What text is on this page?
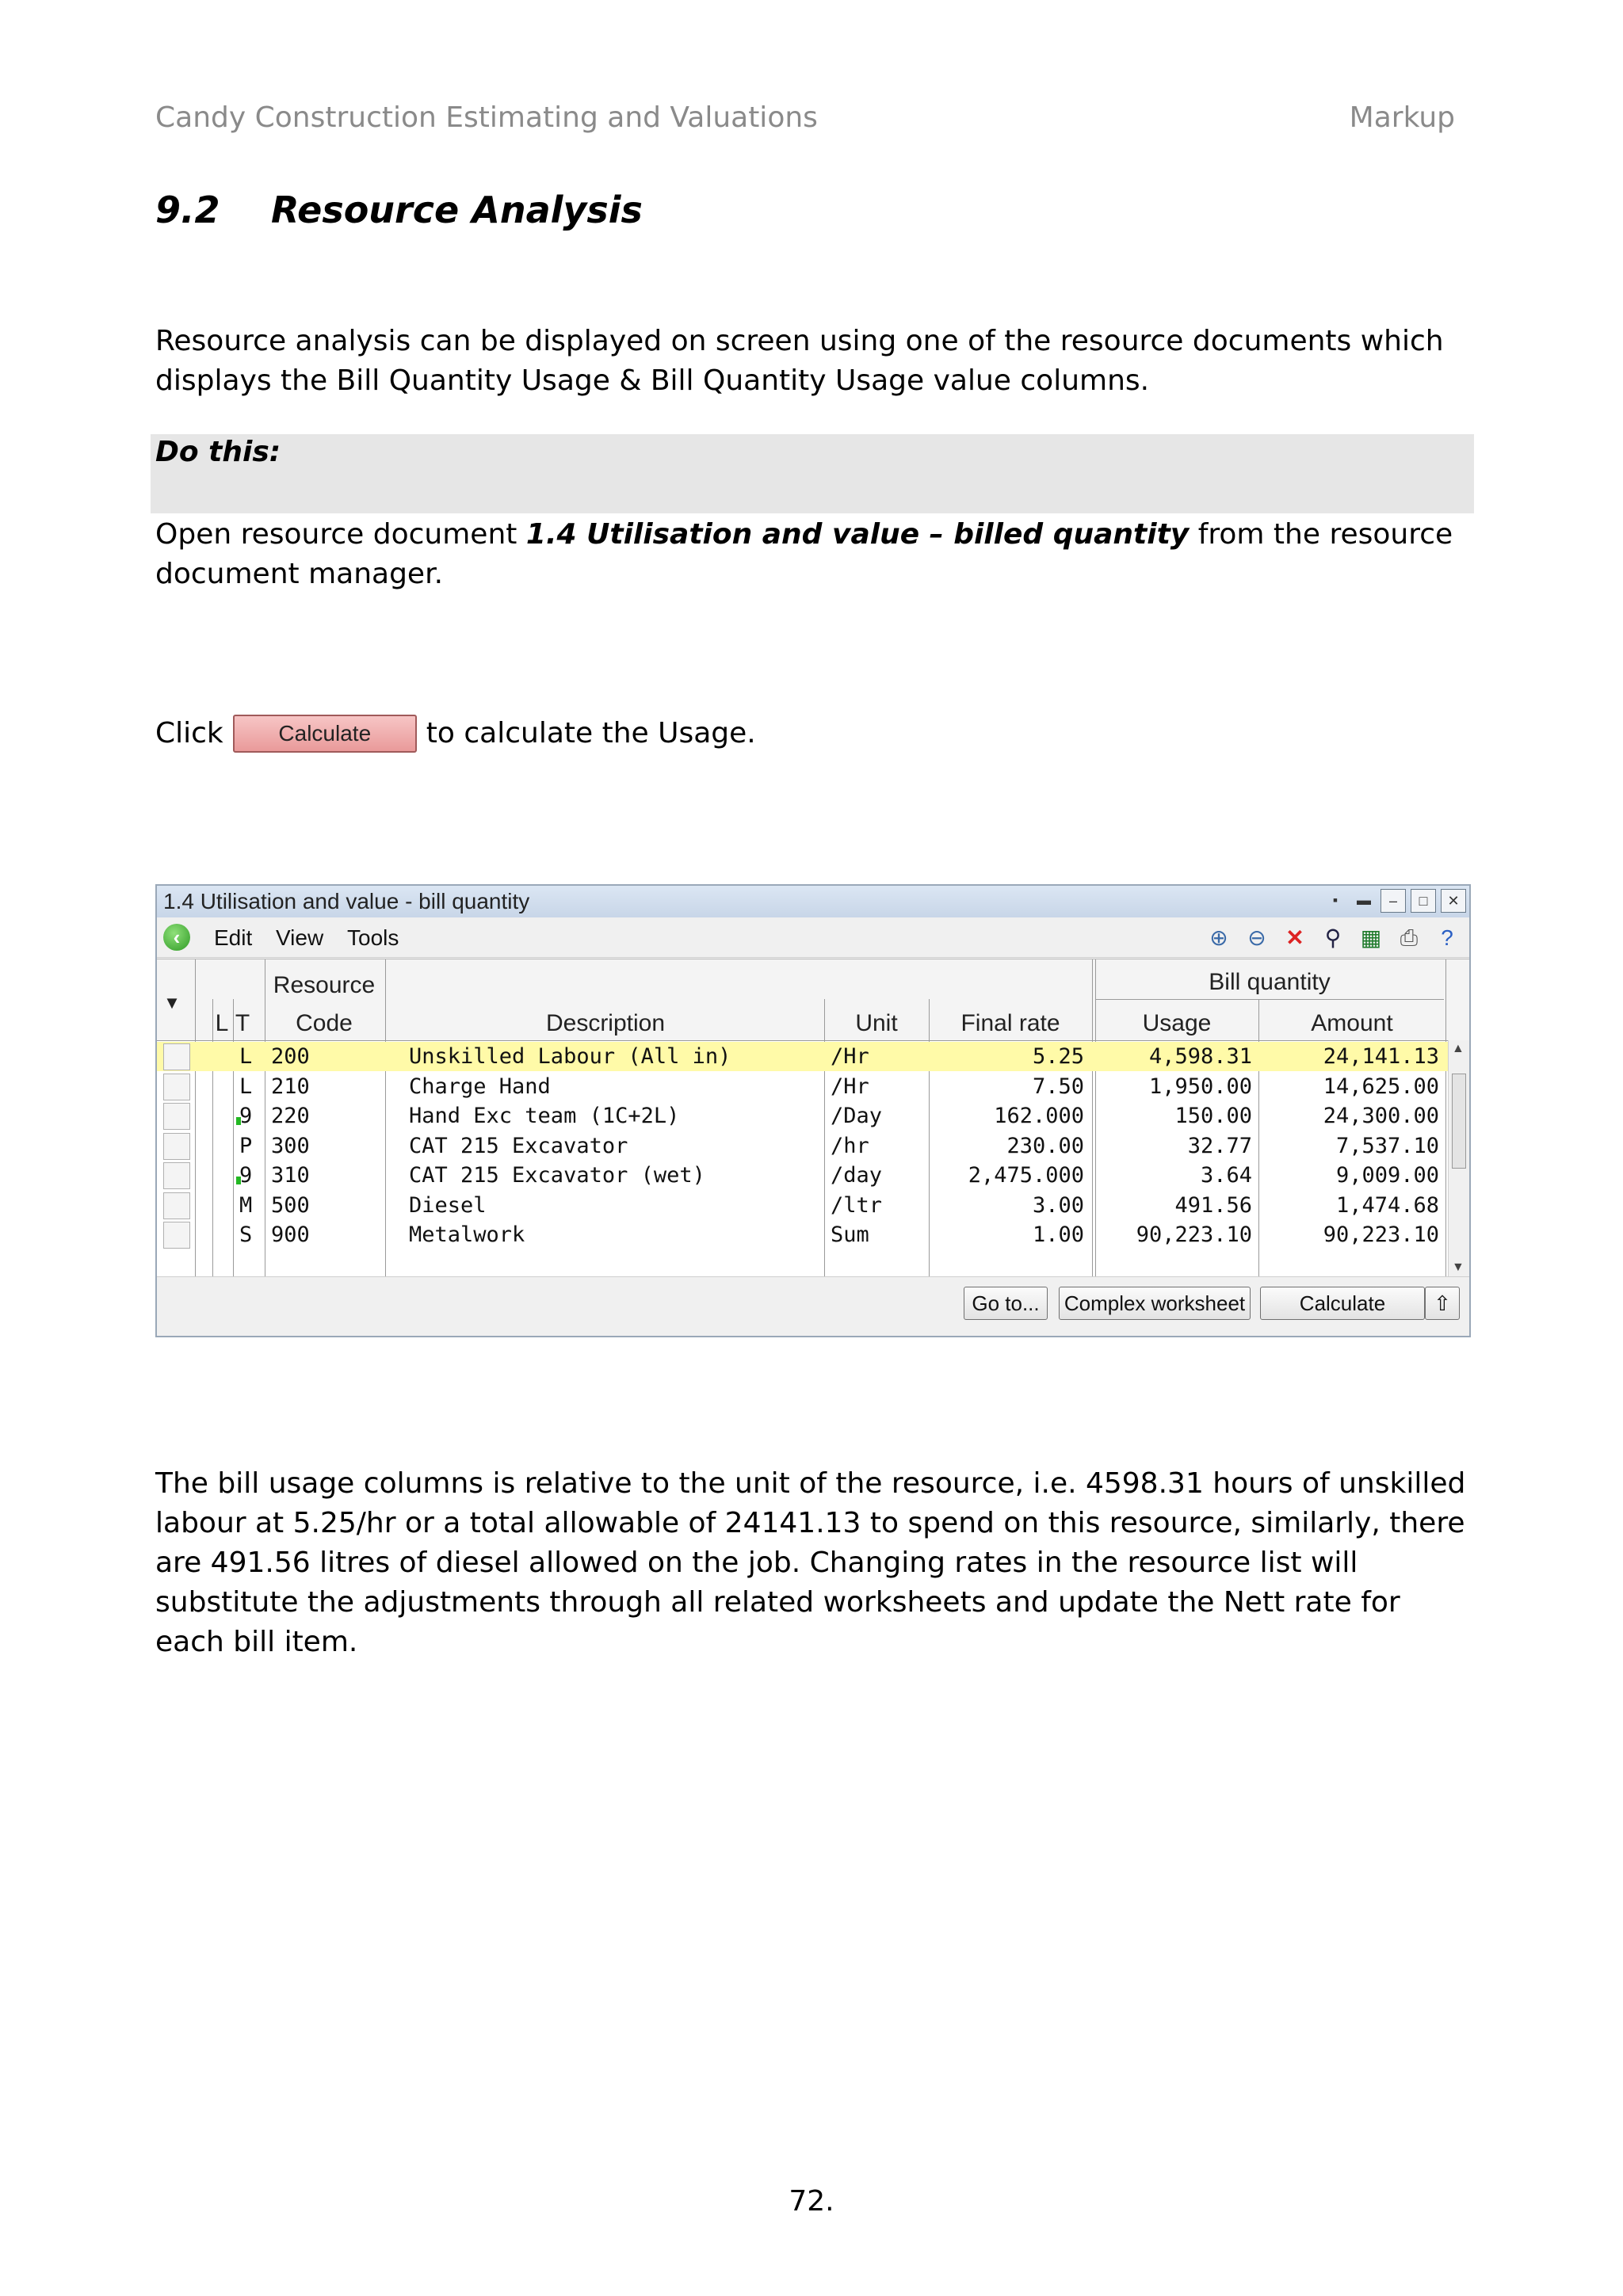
Candy Construction Estimating and Valuations	Markup
9.2 Resource Analysis
Resource analysis can be displayed on screen using one of the resource documents which displays the Bill Quantity Usage & Bill Quantity Usage value columns.
Do this:
Open resource document 1.4 Utilisation and value – billed quantity from the resource document manager.
Click	Calculate	to calculate the Usage.
1.4 Utilisation and value - bill quantity	▪	▬	–	□	✕
‹	Edit View Tools	⊕ ⊖ ✕ ⚲ ▦ ⎙	?
▼
L T
Resource
Code	Description	Unit	Final rate
Bill quantity
Usage	Amount
L 200	Unskilled Labour (All in)	/Hr	5.25	4,598.31	24,141.13
L 210	Charge Hand	/Hr	7.50	1,950.00	14,625.00
9 220	Hand Exc team (1C+2L)	/Day	162.000	150.00	24,300.00
P 300	CAT 215 Excavator	/hr	230.00	32.77	7,537.10
9 310	CAT 215 Excavator (wet)	/day	2,475.000	3.64	9,009.00
M 500	Diesel	/ltr	3.00	491.56	1,474.68
S 900	Metalwork	Sum	1.00	90,223.10	90,223.10
▲
▼
Go to...	Complex worksheet	Calculate	⇧
The bill usage columns is relative to the unit of the resource, i.e. 4598.31 hours of unskilled labour at 5.25/hr or a total allowable of 24141.13 to spend on this resource, similarly, there are 491.56 litres of diesel allowed on the job. Changing rates in the resource list will substitute the adjustments through all related worksheets and update the Nett rate for each bill item.
72.
